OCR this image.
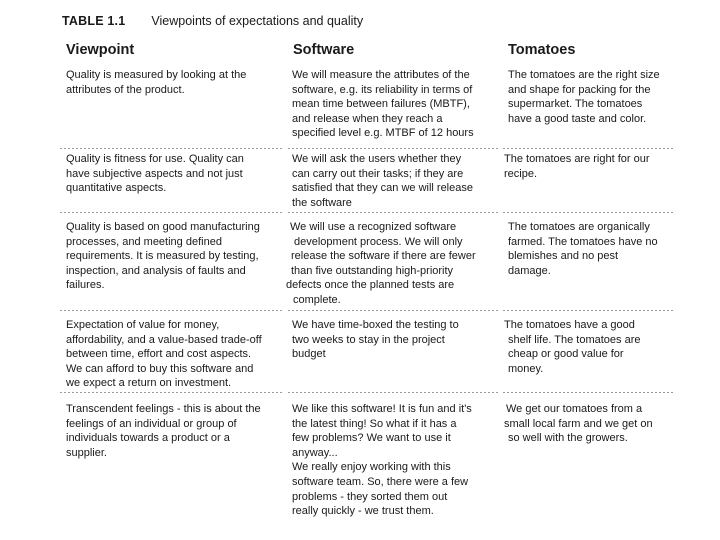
TABLE 1.1 Viewpoints of expectations and quality
Viewpoint	Software	Tomatoes
Quality is measured by looking at the
attributes of the product.
We will measure the attributes of the
software, e.g. its reliability in terms of
mean time between failures (MBTF),
and release when they reach a
specified level e.g. MTBF of 12 hours
The tomatoes are the right size
and shape for packing for the
supermarket. The tomatoes
have a good taste and color.
Quality is fitness for use. Quality can
have subjective aspects and not just
quantitative aspects.
We will ask the users whether they
can carry out their tasks; if they are
satisfied that they can we will release
the software
The tomatoes are right for our
recipe.
Quality is based on good manufacturing
processes, and meeting defined
requirements. It is measured by testing,
inspection, and analysis of faults and
failures.
We will use a recognized software
development process. We will only
release the software if there are fewer
than five outstanding high-priority
defects once the planned tests are
complete.
The tomatoes are organically
farmed. The tomatoes have no
blemishes and no pest
damage.
Expectation of value for money,
affordability, and a value-based trade-off
between time, effort and cost aspects.
We can afford to buy this software and
we expect a return on investment.
We have time-boxed the testing to
two weeks to stay in the project
budget
The tomatoes have a good
shelf life. The tomatoes are
cheap or good value for
money.
Transcendent feelings - this is about the
feelings of an individual or group of
individuals towards a product or a
supplier.
We like this software! It is fun and it's
the latest thing! So what if it has a
few problems? We want to use it
anyway...
We really enjoy working with this
software team. So, there were a few
problems - they sorted them out
really quickly - we trust them.
We get our tomatoes from a
small local farm and we get on
so well with the growers.
